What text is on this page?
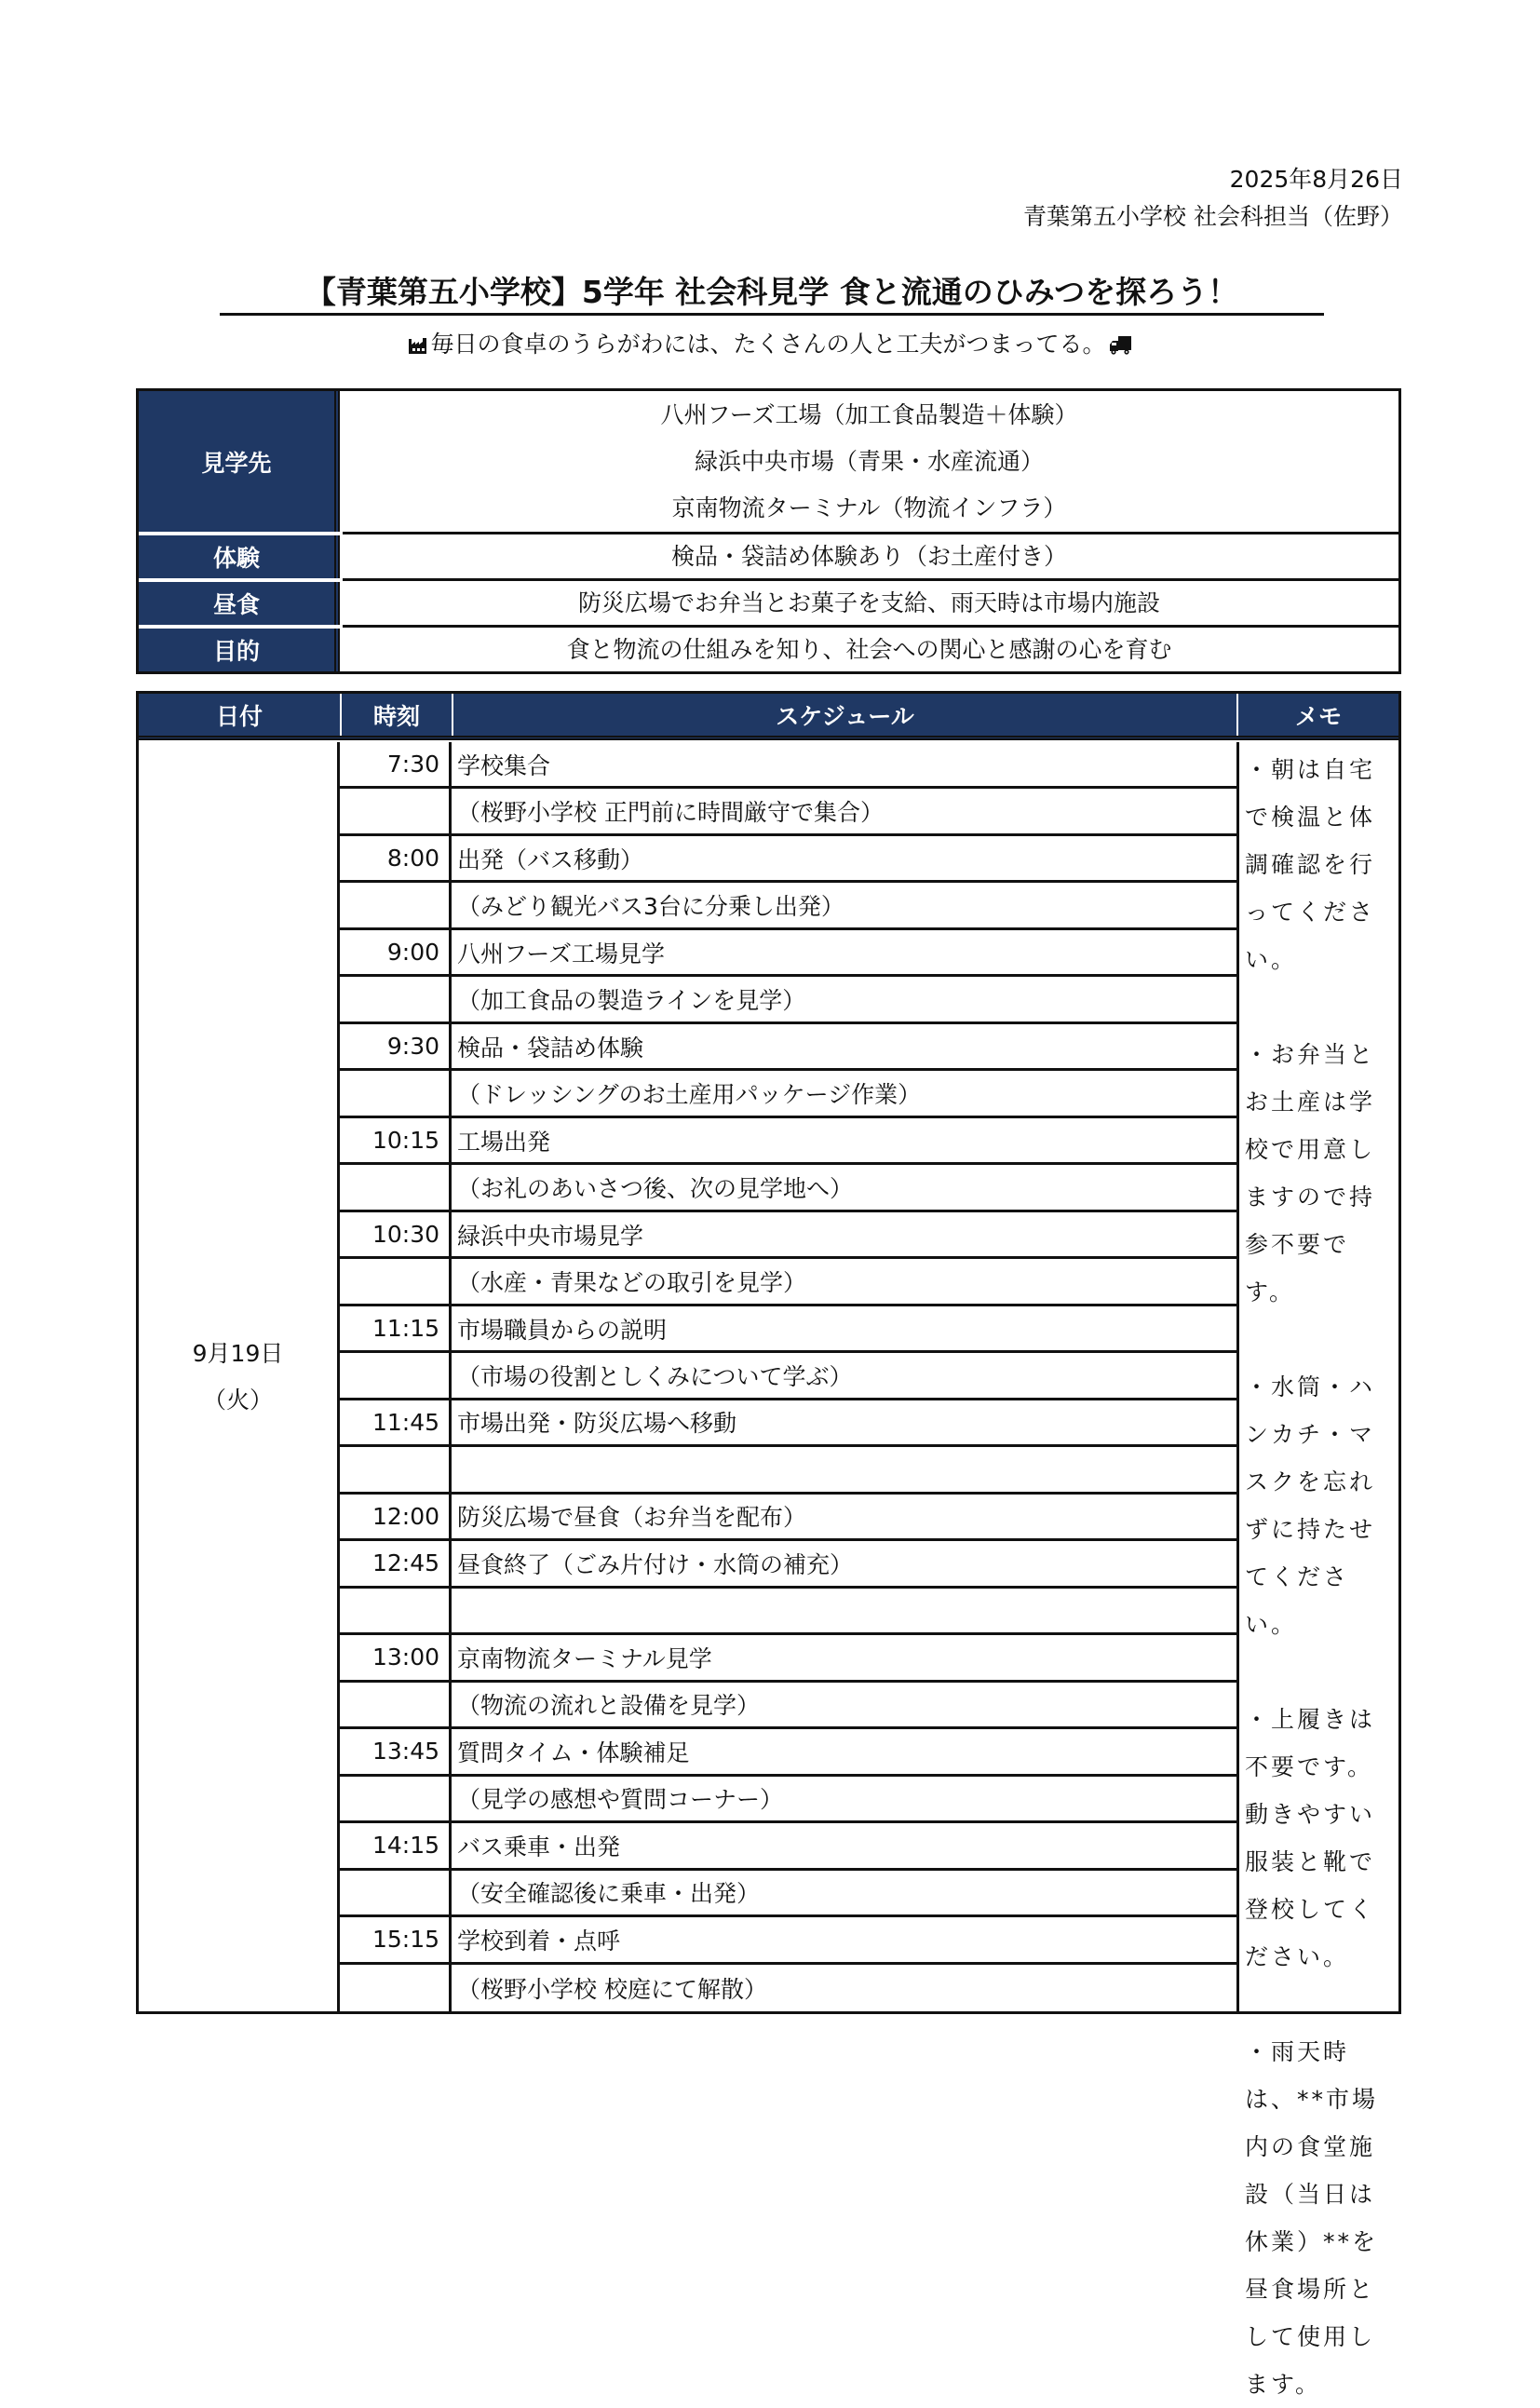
2025年8月26日
青葉第五小学校 社会科担当（佐野）
【青葉第五小学校】5学年 社会科見学 食と流通のひみつを探ろう！
毎日の食卓のうらがわには、たくさんの人と工夫がつまってる。
見学先
八州フーズ工場（加工食品製造＋体験）
緑浜中央市場（青果・水産流通）
京南物流ターミナル（物流インフラ）
体験	検品・袋詰め体験あり（お土産付き）
昼食	防災広場でお弁当とお菓子を支給、雨天時は市場内施設
目的	食と物流の仕組みを知り、社会への関心と感謝の心を育む
日付	時刻	スケジュール	メモ
9月19日
（火）
7:30 学校集合
（桜野小学校 正門前に時間厳守で集合）
8:00 出発（バス移動）
（みどり観光バス3台に分乗し出発）
9:00 八州フーズ工場見学
（加工食品の製造ラインを見学）
9:30 検品・袋詰め体験
（ドレッシングのお土産用パッケージ作業）
10:15 工場出発
（お礼のあいさつ後、次の見学地へ）
10:30 緑浜中央市場見学
（水産・青果などの取引を見学）
11:15 市場職員からの説明
（市場の役割としくみについて学ぶ）
11:45 市場出発・防災広場へ移動
12:00 防災広場で昼食（お弁当を配布）
12:45 昼食終了（ごみ片付け・水筒の補充）
13:00 京南物流ターミナル見学
（物流の流れと設備を見学）
13:45 質問タイム・体験補足
（見学の感想や質問コーナー）
14:15 バス乗車・出発
（安全確認後に乗車・出発）
15:15 学校到着・点呼
（桜野小学校 校庭にて解散）
・朝は自宅で検温と体調確認を行ってください。
・お弁当とお土産は学校で用意しますので持参不要です。
・水筒・ハンカチ・マスクを忘れずに持たせてください。
・上履きは不要です。動きやすい服装と靴で登校してください。
・雨天時は、**市場内の食堂施設（当日は休業）**を昼食場所として使用します。
